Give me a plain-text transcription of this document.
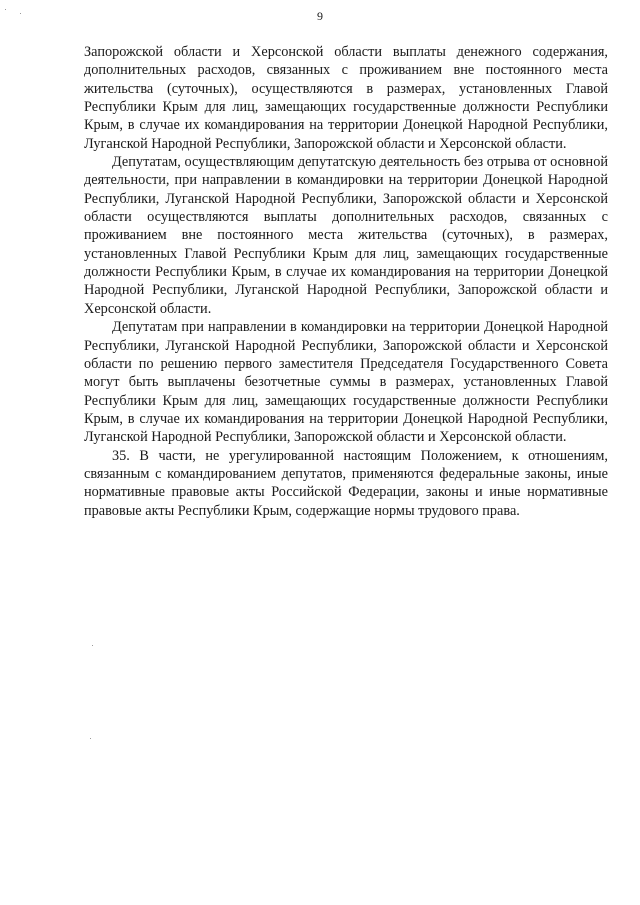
9

Запорожской области и Херсонской области выплаты денежного содержания, дополнительных расходов, связанных с проживанием вне постоянного места жительства (суточных), осуществляются в размерах, установленных Главой Республики Крым для лиц, замещающих государственные должности Республики Крым, в случае их командирования на территории Донецкой Народной Республики, Луганской Народной Республики, Запорожской области и Херсонской области.

Депутатам, осуществляющим депутатскую деятельность без отрыва от основной деятельности, при направлении в командировки на территории Донецкой Народной Республики, Луганской Народной Республики, Запорожской области и Херсонской области осуществляются выплаты дополнительных расходов, связанных с проживанием вне постоянного места жительства (суточных), в размерах, установленных Главой Республики Крым для лиц, замещающих государственные должности Республики Крым, в случае их командирования на территории Донецкой Народной Республики, Луганской Народной Республики, Запорожской области и Херсонской области.

Депутатам при направлении в командировки на территории Донецкой Народной Республики, Луганской Народной Республики, Запорожской области и Херсонской области по решению первого заместителя Председателя Государственного Совета могут быть выплачены безотчетные суммы в размерах, установленных Главой Республики Крым для лиц, замещающих государственные должности Республики Крым, в случае их командирования на территории Донецкой Народной Республики, Луганской Народной Республики, Запорожской области и Херсонской области.

35. В части, не урегулированной настоящим Положением, к отношениям, связанным с командированием депутатов, применяются федеральные законы, иные нормативные правовые акты Российской Федерации, законы и иные нормативные правовые акты Республики Крым, содержащие нормы трудового права.
